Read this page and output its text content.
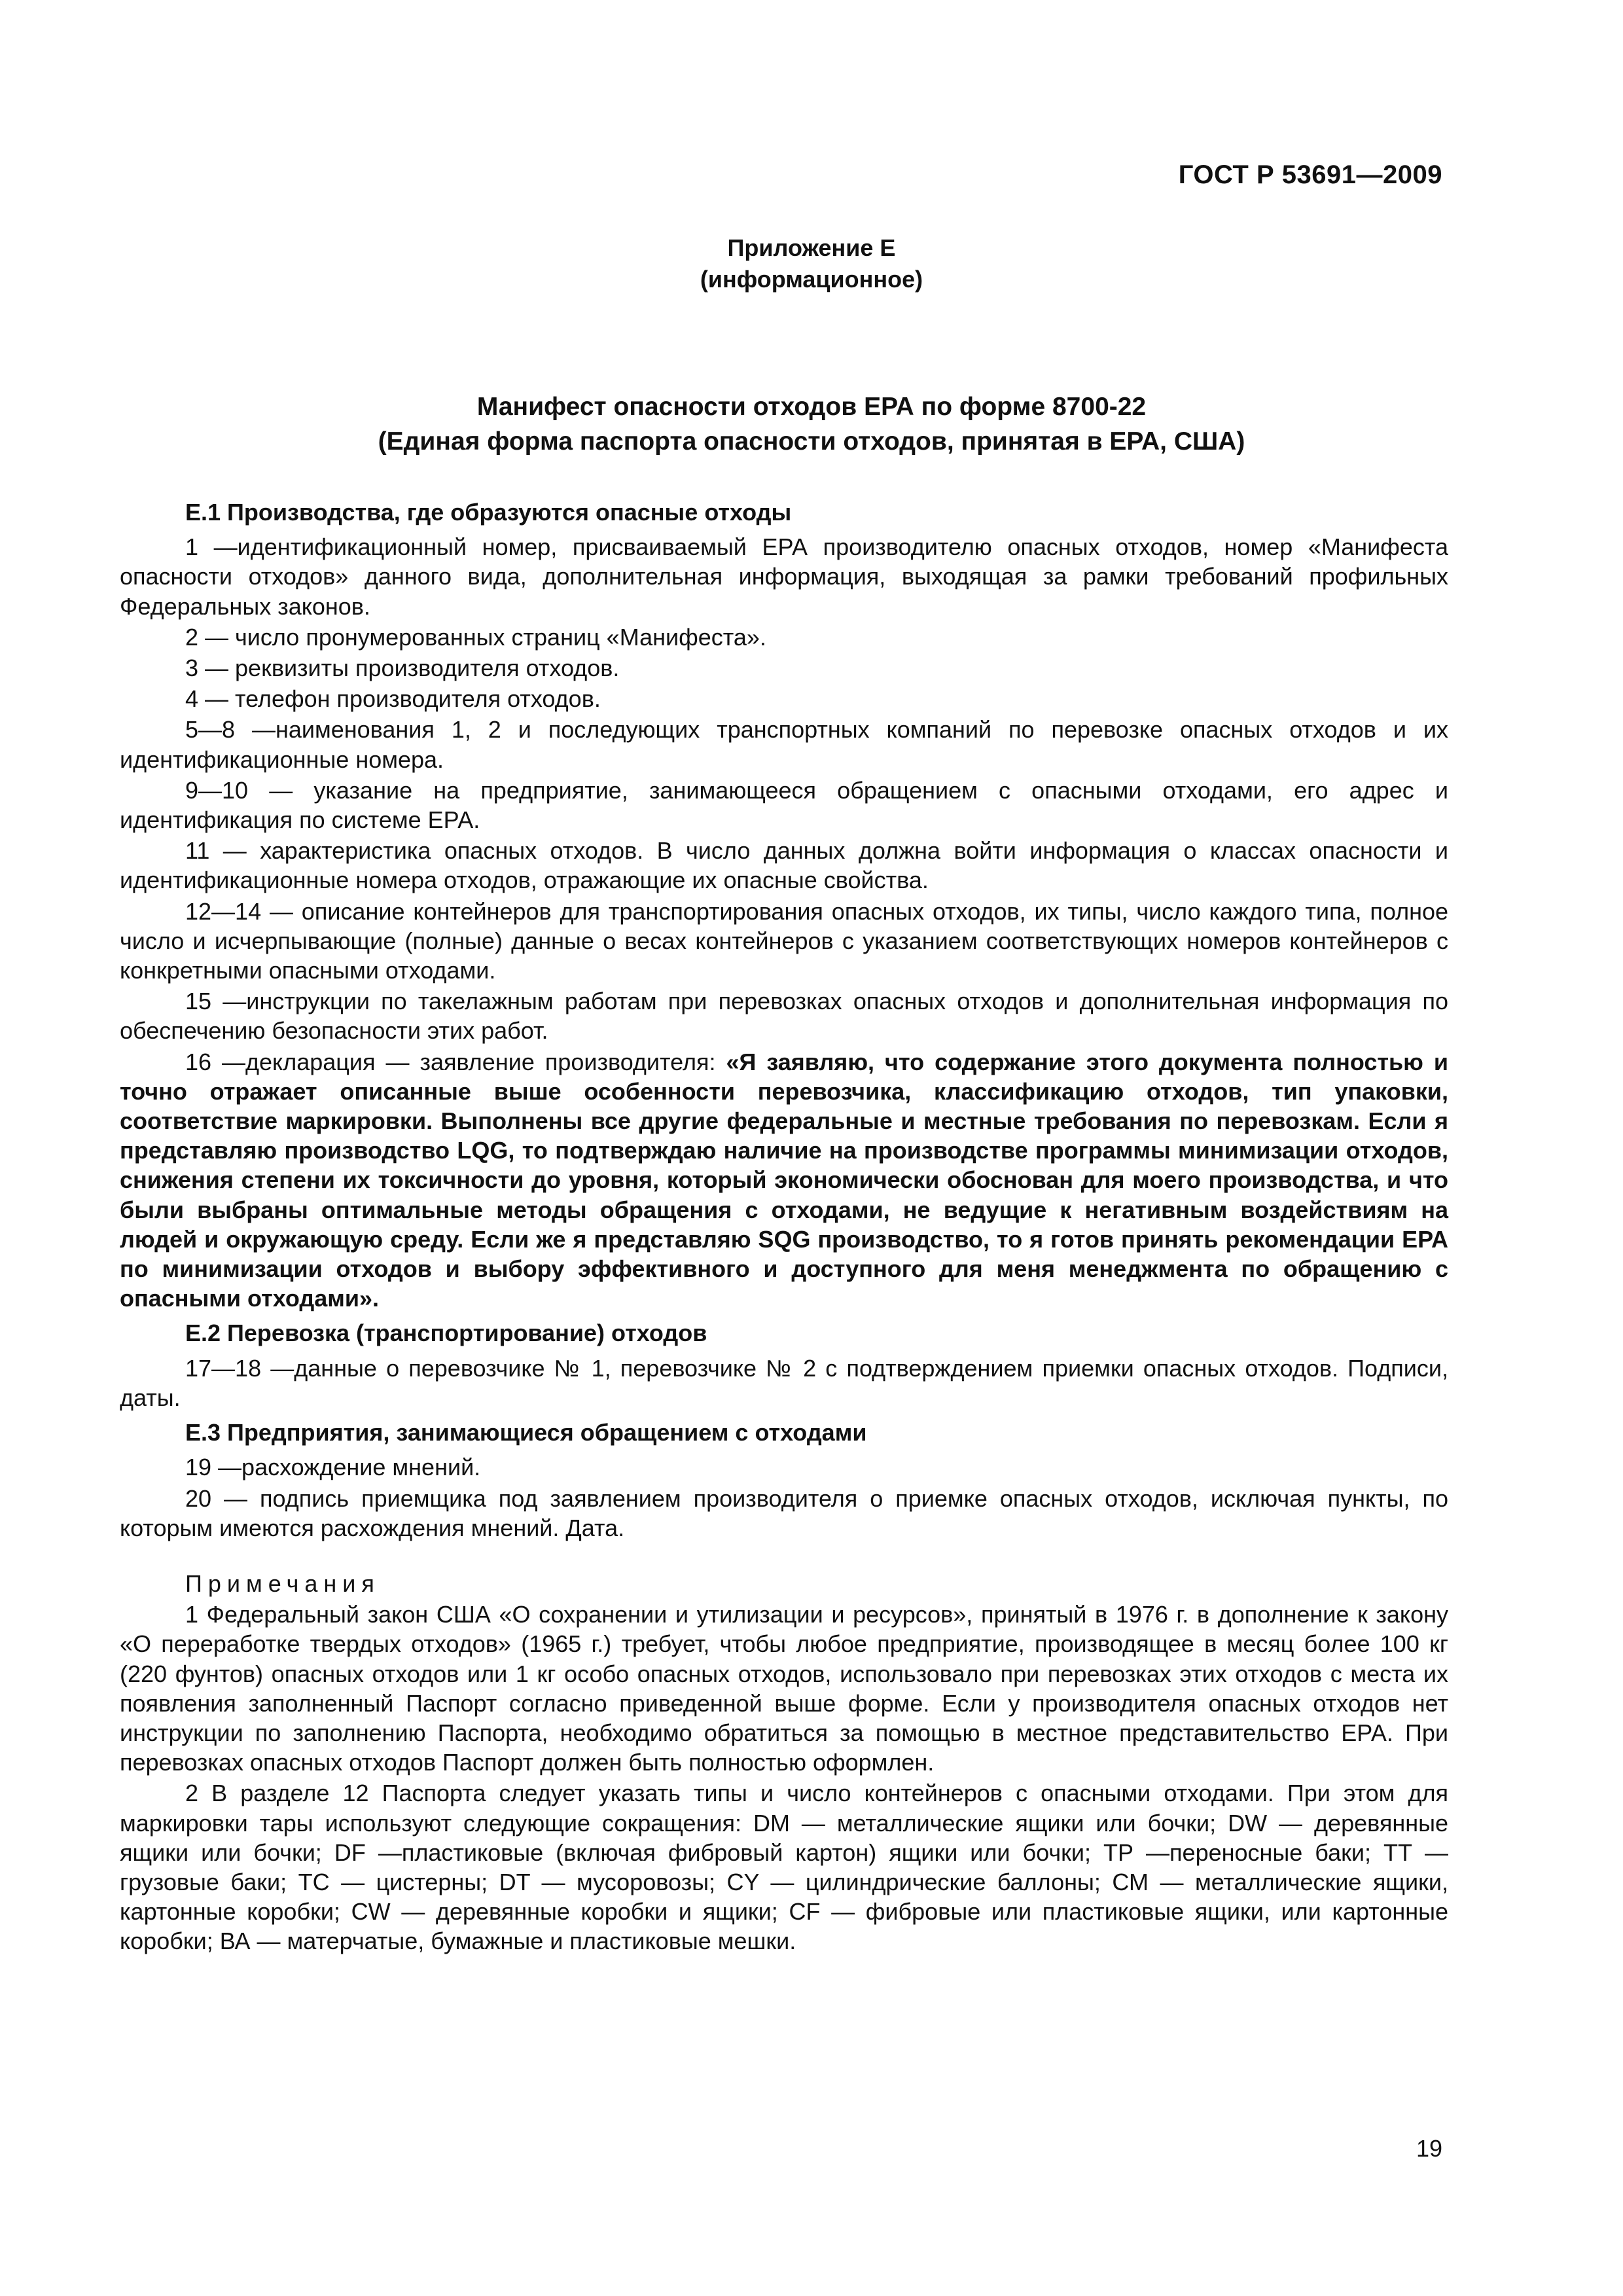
ГОСТ Р 53691—2009
Приложение Е
(информационное)
Манифест опасности отходов ЕРА по форме 8700-22
(Единая форма паспорта опасности отходов, принятая в ЕРА, США)
Е.1 Производства, где образуются опасные отходы

1 —идентификационный номер, присваиваемый ЕРА производителю опасных отходов, номер «Манифеста опасности отходов» данного вида, дополнительная информация, выходящая за рамки требований профильных Федеральных законов.

2 — число пронумерованных страниц «Манифеста».

3 — реквизиты производителя отходов.

4 — телефон производителя отходов.

5—8 —наименования 1, 2 и последующих транспортных компаний по перевозке опасных отходов и их идентификационные номера.

9—10 — указание на предприятие, занимающееся обращением с опасными отходами, его адрес и идентификация по системе ЕРА.

11 — характеристика опасных отходов. В число данных должна войти информация о классах опасности и идентификационные номера отходов, отражающие их опасные свойства.

12—14 — описание контейнеров для транспортирования опасных отходов, их типы, число каждого типа, полное число и исчерпывающие (полные) данные о весах контейнеров с указанием соответствующих номеров контейнеров с конкретными опасными отходами.

15 —инструкции по такелажным работам при перевозках опасных отходов и дополнительная информация по обеспечению безопасности этих работ.

16 —декларация — заявление производителя: «Я заявляю, что содержание этого документа полностью и точно отражает описанные выше особенности перевозчика, классификацию отходов, тип упаковки, соответствие маркировки. Выполнены все другие федеральные и местные требования по перевозкам. Если я представляю производство LQG, то подтверждаю наличие на производстве программы минимизации отходов, снижения степени их токсичности до уровня, который экономически обоснован для моего производства, и что были выбраны оптимальные методы обращения с отходами, не ведущие к негативным воздействиям на людей и окружающую среду. Если же я представляю SQG производство, то я готов принять рекомендации ЕРА по минимизации отходов и выбору эффективного и доступного для меня менеджмента по обращению с опасными отходами».

Е.2 Перевозка (транспортирование) отходов

17—18 —данные о перевозчике № 1, перевозчике № 2 с подтверждением приемки опасных отходов. Подписи, даты.

Е.3 Предприятия, занимающиеся обращением с отходами

19 —расхождение мнений.

20 — подпись приемщика под заявлением производителя о приемке опасных отходов, исключая пункты, по которым имеются расхождения мнений. Дата.

Примечания

1 Федеральный закон США «О сохранении и утилизации и ресурсов», принятый в 1976 г. в дополнение к закону «О переработке твердых отходов» (1965 г.) требует, чтобы любое предприятие, производящее в месяц более 100 кг (220 фунтов) опасных отходов или 1 кг особо опасных отходов, использовало при перевозках этих отходов с места их появления заполненный Паспорт согласно приведенной выше форме. Если у производителя опасных отходов нет инструкции по заполнению Паспорта, необходимо обратиться за помощью в местное представительство ЕРА. При перевозках опасных отходов Паспорт должен быть полностью оформлен.

2 В разделе 12 Паспорта следует указать типы и число контейнеров с опасными отходами. При этом для маркировки тары используют следующие сокращения: DM — металлические ящики или бочки; DW — деревянные ящики или бочки; DF —пластиковые (включая фибровый картон) ящики или бочки; ТР —переносные баки; ТТ — грузовые баки; ТС — цистерны; DT — мусоровозы; CY — цилиндрические баллоны; СМ — металлические ящики, картонные коробки; CW — деревянные коробки и ящики; CF — фибровые или пластиковые ящики, или картонные коробки; ВА — матерчатые, бумажные и пластиковые мешки.

19
